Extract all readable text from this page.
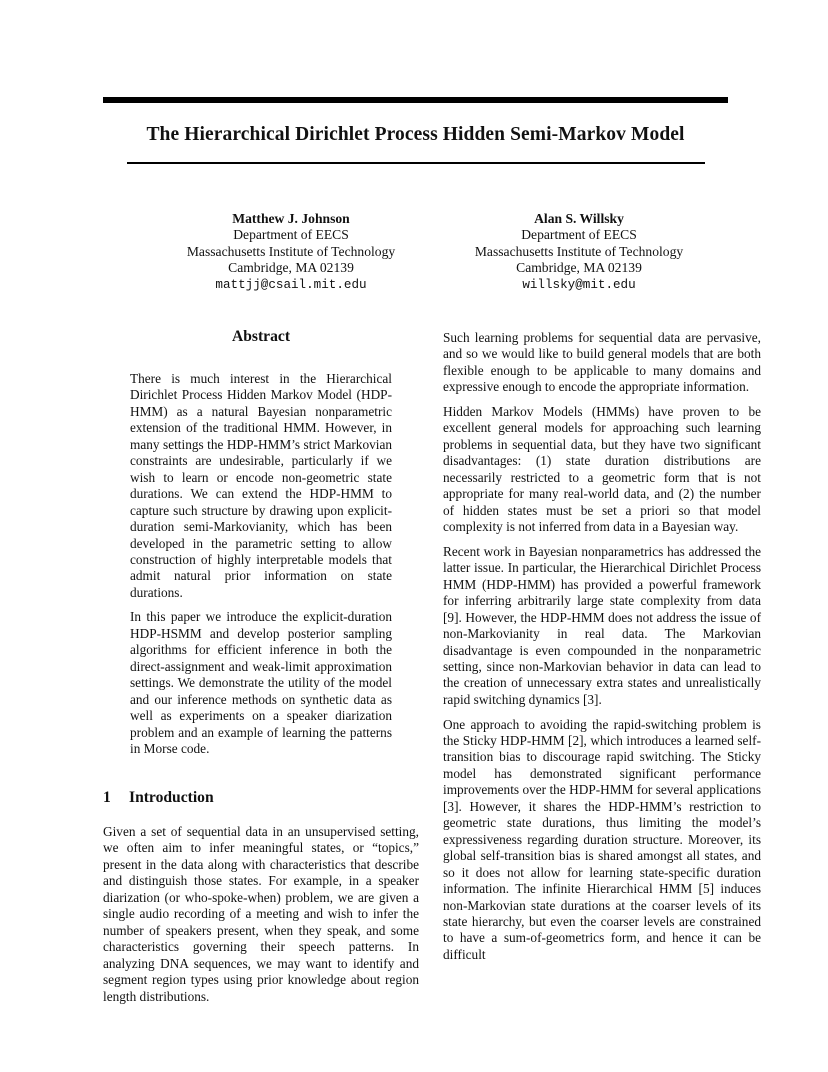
The Hierarchical Dirichlet Process Hidden Semi-Markov Model
Matthew J. Johnson
Department of EECS
Massachusetts Institute of Technology
Cambridge, MA 02139
mattjj@csail.mit.edu
Alan S. Willsky
Department of EECS
Massachusetts Institute of Technology
Cambridge, MA 02139
willsky@mit.edu
Abstract

There is much interest in the Hierarchical Dirichlet Process Hidden Markov Model (HDP-HMM) as a natural Bayesian nonparametric extension of the traditional HMM. However, in many settings the HDP-HMM’s strict Markovian constraints are undesirable, particularly if we wish to learn or encode non-geometric state durations. We can extend the HDP-HMM to capture such structure by drawing upon explicit-duration semi-Markovianity, which has been developed in the parametric setting to allow construction of highly interpretable models that admit natural prior information on state durations.

In this paper we introduce the explicit-duration HDP-HSMM and develop posterior sampling algorithms for efficient inference in both the direct-assignment and weak-limit approximation settings. We demonstrate the utility of the model and our inference methods on synthetic data as well as experiments on a speaker diarization problem and an example of learning the patterns in Morse code.

1 Introduction

Given a set of sequential data in an unsupervised setting, we often aim to infer meaningful states, or “topics,” present in the data along with characteristics that describe and distinguish those states. For example, in a speaker diarization (or who-spoke-when) problem, we are given a single audio recording of a meeting and wish to infer the number of speakers present, when they speak, and some characteristics governing their speech patterns. In analyzing DNA sequences, we may want to identify and segment region types using prior knowledge about region length distributions.

Such learning problems for sequential data are pervasive, and so we would like to build general models that are both flexible enough to be applicable to many domains and expressive enough to encode the appropriate information.

Hidden Markov Models (HMMs) have proven to be excellent general models for approaching such learning problems in sequential data, but they have two significant disadvantages: (1) state duration distributions are necessarily restricted to a geometric form that is not appropriate for many real-world data, and (2) the number of hidden states must be set a priori so that model complexity is not inferred from data in a Bayesian way.

Recent work in Bayesian nonparametrics has addressed the latter issue. In particular, the Hierarchical Dirichlet Process HMM (HDP-HMM) has provided a powerful framework for inferring arbitrarily large state complexity from data [9]. However, the HDP-HMM does not address the issue of non-Markovianity in real data. The Markovian disadvantage is even compounded in the nonparametric setting, since non-Markovian behavior in data can lead to the creation of unnecessary extra states and unrealistically rapid switching dynamics [3].

One approach to avoiding the rapid-switching problem is the Sticky HDP-HMM [2], which introduces a learned self-transition bias to discourage rapid switching. The Sticky model has demonstrated significant performance improvements over the HDP-HMM for several applications [3]. However, it shares the HDP-HMM’s restriction to geometric state durations, thus limiting the model’s expressiveness regarding duration structure. Moreover, its global self-transition bias is shared amongst all states, and so it does not allow for learning state-specific duration information. The infinite Hierarchical HMM [5] induces non-Markovian state durations at the coarser levels of its state hierarchy, but even the coarser levels are constrained to have a sum-of-geometrics form, and hence it can be difficult
